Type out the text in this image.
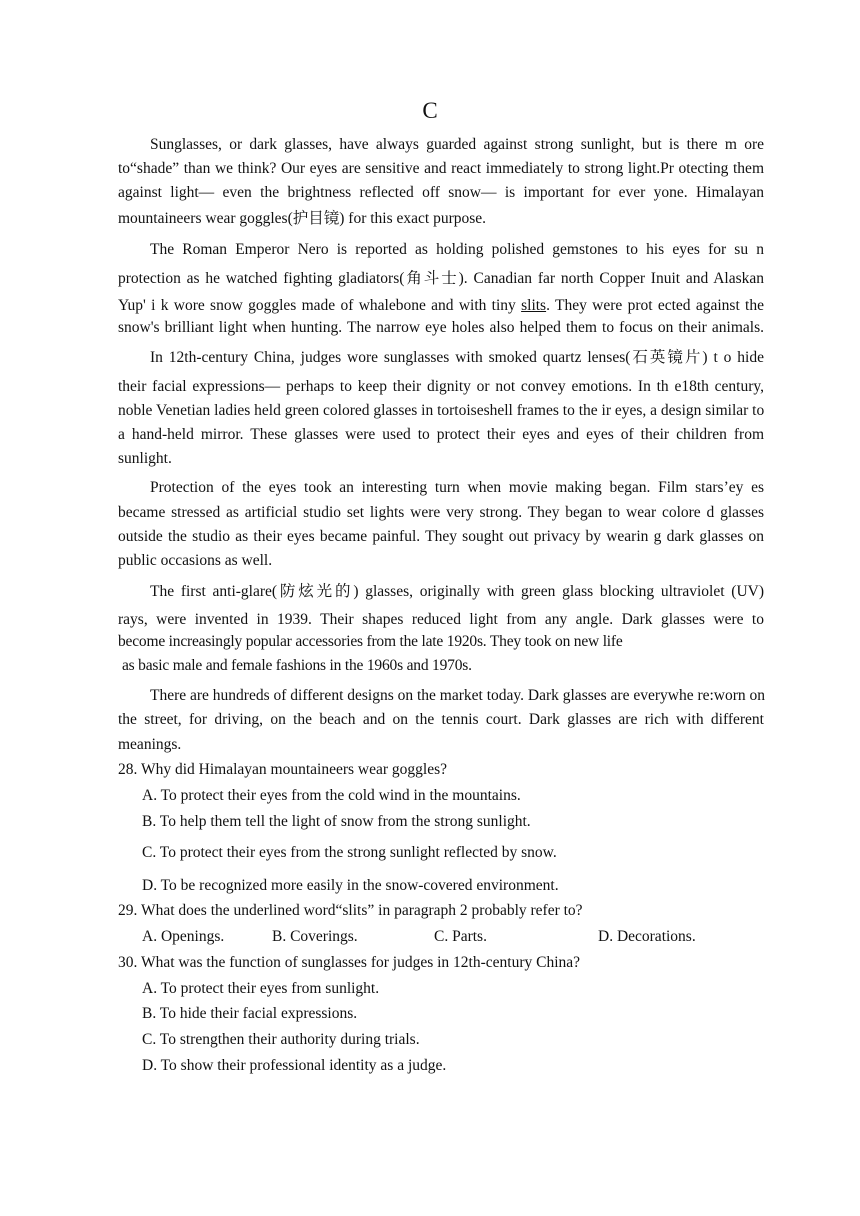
C
Sunglasses, or dark glasses, have always guarded against strong sunlight, but is there m ore
to“shade” than we think? Our eyes are sensitive and react immediately to strong light.Pr otecting them
against light— even the brightness reflected off snow— is important for ever yone. Himalayan
mountaineers wear goggles(护目镜) for this exact purpose.
The Roman Emperor Nero is reported as holding polished gemstones to his eyes for su n
protection as he watched fighting gladiators(角斗士). Canadian far north Copper Inuit and Alaskan
Yup' i k wore snow goggles made of whalebone and with tiny slits. They were prot ected against the
snow's brilliant light when hunting. The narrow eye holes also helped them to focus on their animals.
In 12th-century China, judges wore sunglasses with smoked quartz lenses(石英镜片) t o hide
their facial expressions— perhaps to keep their dignity or not convey emotions. In th e18th century,
noble Venetian ladies held green colored glasses in tortoiseshell frames to the ir eyes, a design similar to
a hand-held mirror. These glasses were used to protect their eyes and eyes of their children from
sunlight.
Protection of the eyes took an interesting turn when movie making began. Film stars’ey es
became stressed as artificial studio set lights were very strong. They began to wear colore d glasses
outside the studio as their eyes became painful. They sought out privacy by wearin g dark glasses on
public occasions as well.
The first anti-glare(防炫光的) glasses, originally with green glass blocking ultraviolet (UV)
rays, were invented in 1939. Their shapes reduced light from any angle. Dark glasses were to
become increasingly popular accessories from the late 1920s. They took on new life
as basic male and female fashions in the 1960s and 1970s.
There are hundreds of different designs on the market today. Dark glasses are everywhe re:worn on
the street, for driving, on the beach and on the tennis court. Dark glasses are rich with different
meanings.
28. Why did Himalayan mountaineers wear goggles?
A. To protect their eyes from the cold wind in the mountains.
B. To help them tell the light of snow from the strong sunlight.
C. To protect their eyes from the strong sunlight reflected by snow.
D. To be recognized more easily in the snow-covered environment.
29. What does the underlined word“slits” in paragraph 2 probably refer to?
A. Openings.	B. Coverings.	C. Parts.	D. Decorations.
30. What was the function of sunglasses for judges in 12th-century China?
A. To protect their eyes from sunlight.
B. To hide their facial expressions.
C. To strengthen their authority during trials.
D. To show their professional identity as a judge.
